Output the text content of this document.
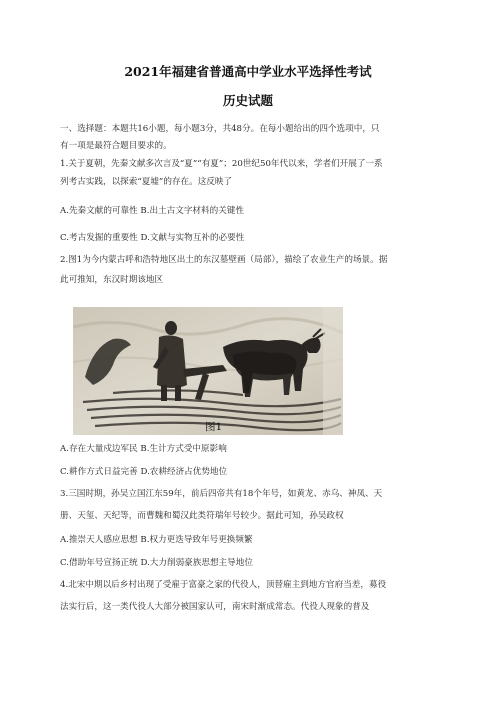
2021年福建省普通高中学业水平选择性考试
历史试题
一、选择题：本题共16小题，每小题3分，共48分。在每小题给出的四个选项中，只
有一项是最符合题目要求的。
1.关于夏朝，先秦文献多次言及“夏”“有夏”；20世纪50年代以来，学者们开展了一系
列考古实践，以探索“夏墟”的存在。这反映了
A.先秦文献的可靠性 B.出土古文字材料的关键性
C.考古发掘的重要性 D.文献与实物互补的必要性
2.图1为今内蒙古呼和浩特地区出土的东汉墓壁画（局部），描绘了农业生产的场景。据
此可推知，东汉时期该地区
图1
A.存在大量戍边军民 B.生计方式受中原影响
C.耕作方式日益完善 D.农耕经济占优势地位
3.三国时期，孙吴立国江东59年，前后四帝共有18个年号，如黄龙、赤乌、神凤、天
册、天玺、天纪等，而曹魏和蜀汉此类符瑞年号较少。据此可知，孙吴政权
A.推崇天人感应思想 B.权力更迭导致年号更换频繁
C.借助年号宣扬正统 D.大力削弱豪族思想主导地位
4.北宋中期以后乡村出现了受雇于富豪之家的代役人，顶替雇主到地方官府当差，募役
法实行后，这一类代役人大部分被国家认可，南宋时渐成常态。代役人现象的普及
